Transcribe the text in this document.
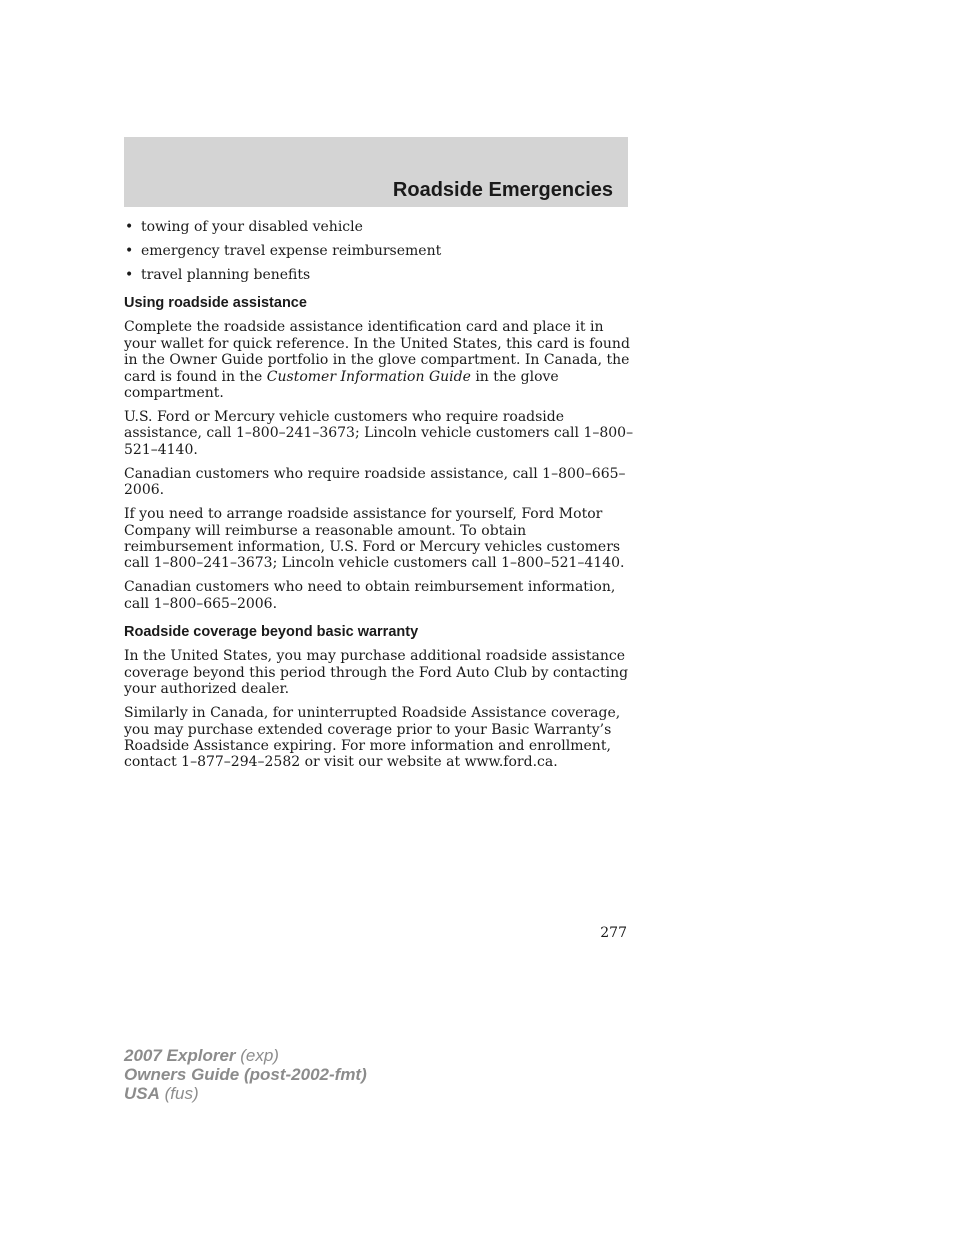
Roadside Emergencies
• towing of your disabled vehicle
• emergency travel expense reimbursement
• travel planning benefits
Using roadside assistance

Complete the roadside assistance identification card and place it in your wallet for quick reference. In the United States, this card is found in the Owner Guide portfolio in the glove compartment. In Canada, the card is found in the Customer Information Guide in the glove compartment.

U.S. Ford or Mercury vehicle customers who require roadside assistance, call 1–800–241–3673; Lincoln vehicle customers call 1–800–521–4140.

Canadian customers who require roadside assistance, call 1–800–665–2006.

If you need to arrange roadside assistance for yourself, Ford Motor Company will reimburse a reasonable amount. To obtain reimbursement information, U.S. Ford or Mercury vehicles customers call 1–800–241–3673; Lincoln vehicle customers call 1–800–521–4140.

Canadian customers who need to obtain reimbursement information, call 1–800–665–2006.

Roadside coverage beyond basic warranty

In the United States, you may purchase additional roadside assistance coverage beyond this period through the Ford Auto Club by contacting your authorized dealer.

Similarly in Canada, for uninterrupted Roadside Assistance coverage, you may purchase extended coverage prior to your Basic Warranty’s Roadside Assistance expiring. For more information and enrollment, contact 1–877–294–2582 or visit our website at www.ford.ca.

277
2007 Explorer (exp)
Owners Guide (post-2002-fmt)
USA (fus)
